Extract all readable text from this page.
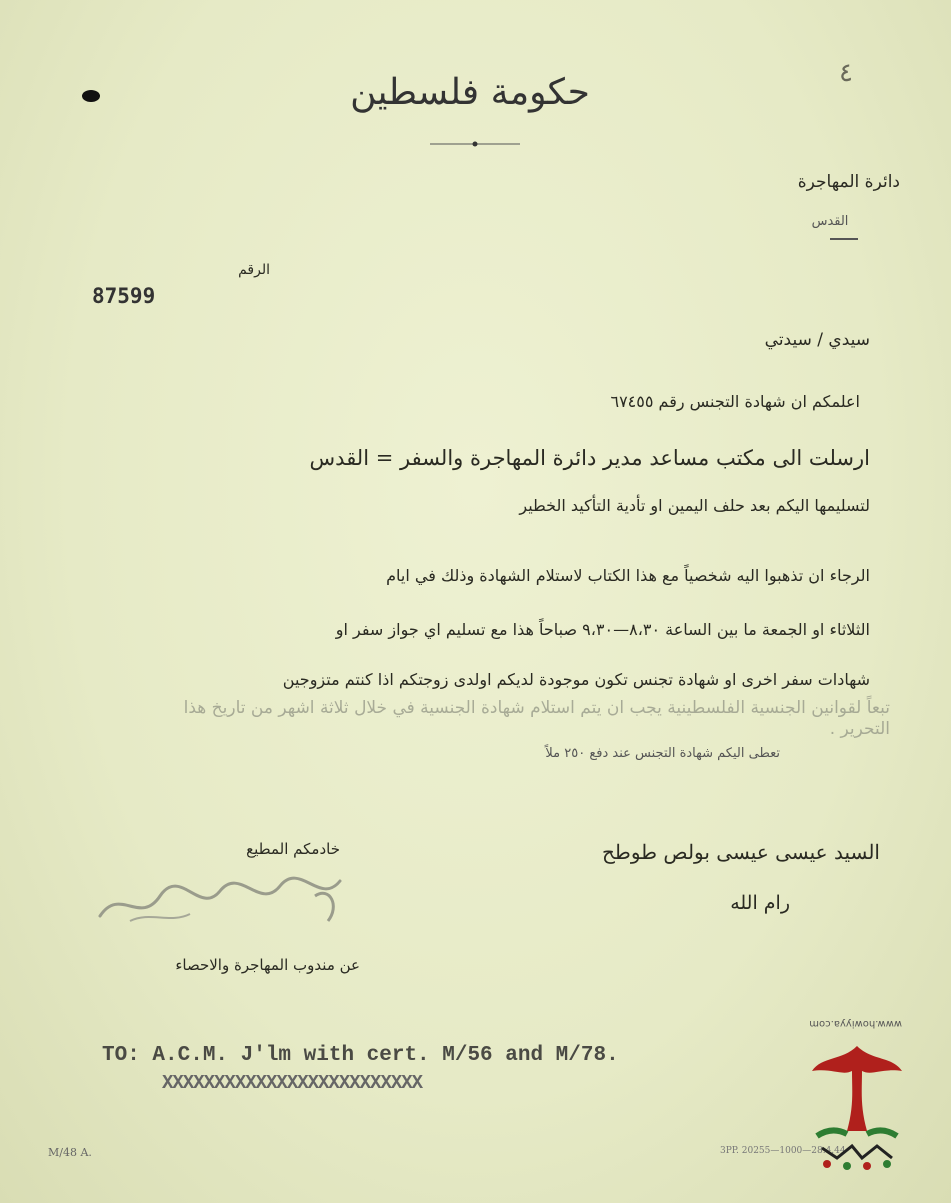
٤
حكومة فلسطين
دائرة المهاجرة
القدس
الرقم
87599
سيدي / سيدتي
اعلمكم ان شهادة التجنس رقم ٦٧٤٥٥
ارسلت الى مكتب مساعد مدير دائرة المهاجرة والسفر = القدس
لتسليمها اليكم بعد حلف اليمين او تأدية التأكيد الخطير
الرجاء ان تذهبوا اليه شخصياً مع هذا الكتاب لاستلام الشهادة وذلك في ايام
الثلاثاء او الجمعة ما بين الساعة ٨،٣٠—٩،٣٠ صباحاً هذا مع تسليم اي جواز سفر او
شهادات سفر اخرى او شهادة تجنس تكون موجودة لديكم اولدى زوجتكم اذا كنتم متزوجين
تبعاً لقوانين الجنسية الفلسطينية يجب ان يتم استلام شهادة الجنسية في خلال ثلاثة اشهر من تاريخ هذا التحرير .
تعطى اليكم شهادة التجنس عند دفع ٢٥٠ ملاً
السيد عيسى عيسى بولص طوطح
رام الله
خادمكم المطيع
عن مندوب المهاجرة والاحصاء
TO: A.C.M. J'lm with cert. M/56 and M/78.
XXXXXXXXXXXXXXXXXXXXXXXXX
M/48 A.	3PP. 20255—1000—28.4.44
www.howiyya.com
